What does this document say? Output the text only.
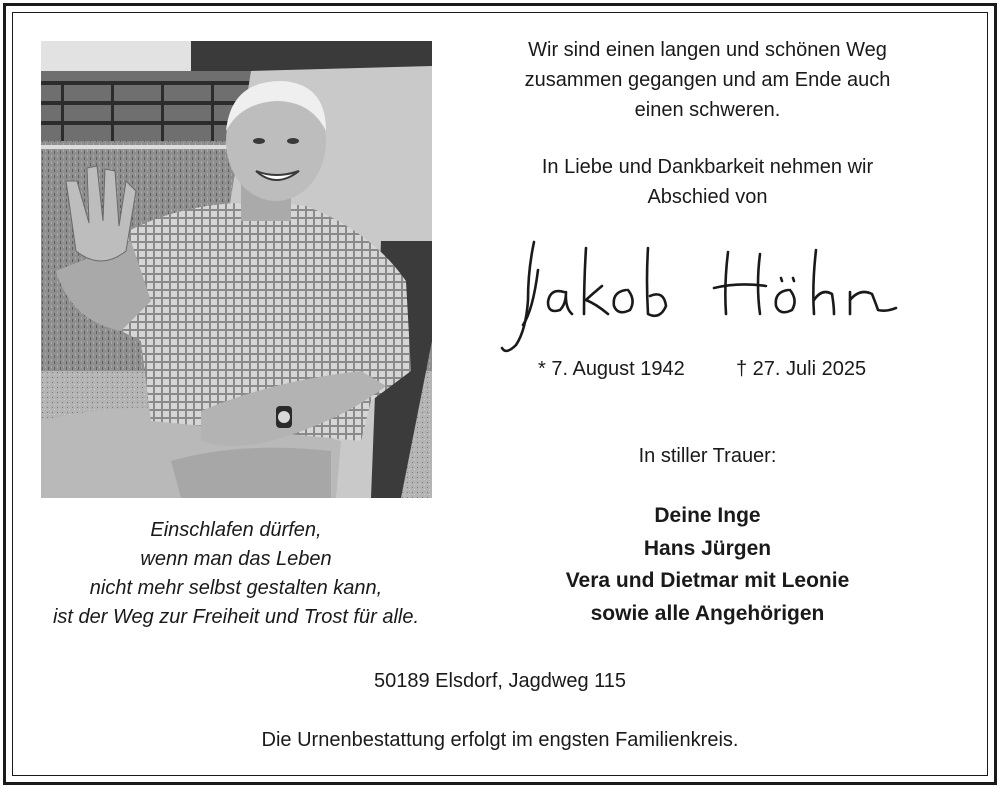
Einschlafen dürfen,
wenn man das Leben
nicht mehr selbst gestalten kann,
ist der Weg zur Freiheit und Trost für alle.
Wir sind einen langen und schönen Weg
zusammen gegangen und am Ende auch
einen schweren.
In Liebe und Dankbarkeit nehmen wir
Abschied von
* 7. August 1942	† 27. Juli 2025
In stiller Trauer:
Deine Inge
Hans Jürgen
Vera und Dietmar mit Leonie
sowie alle Angehörigen
50189 Elsdorf, Jagdweg 115
Die Urnenbestattung erfolgt im engsten Familienkreis.
